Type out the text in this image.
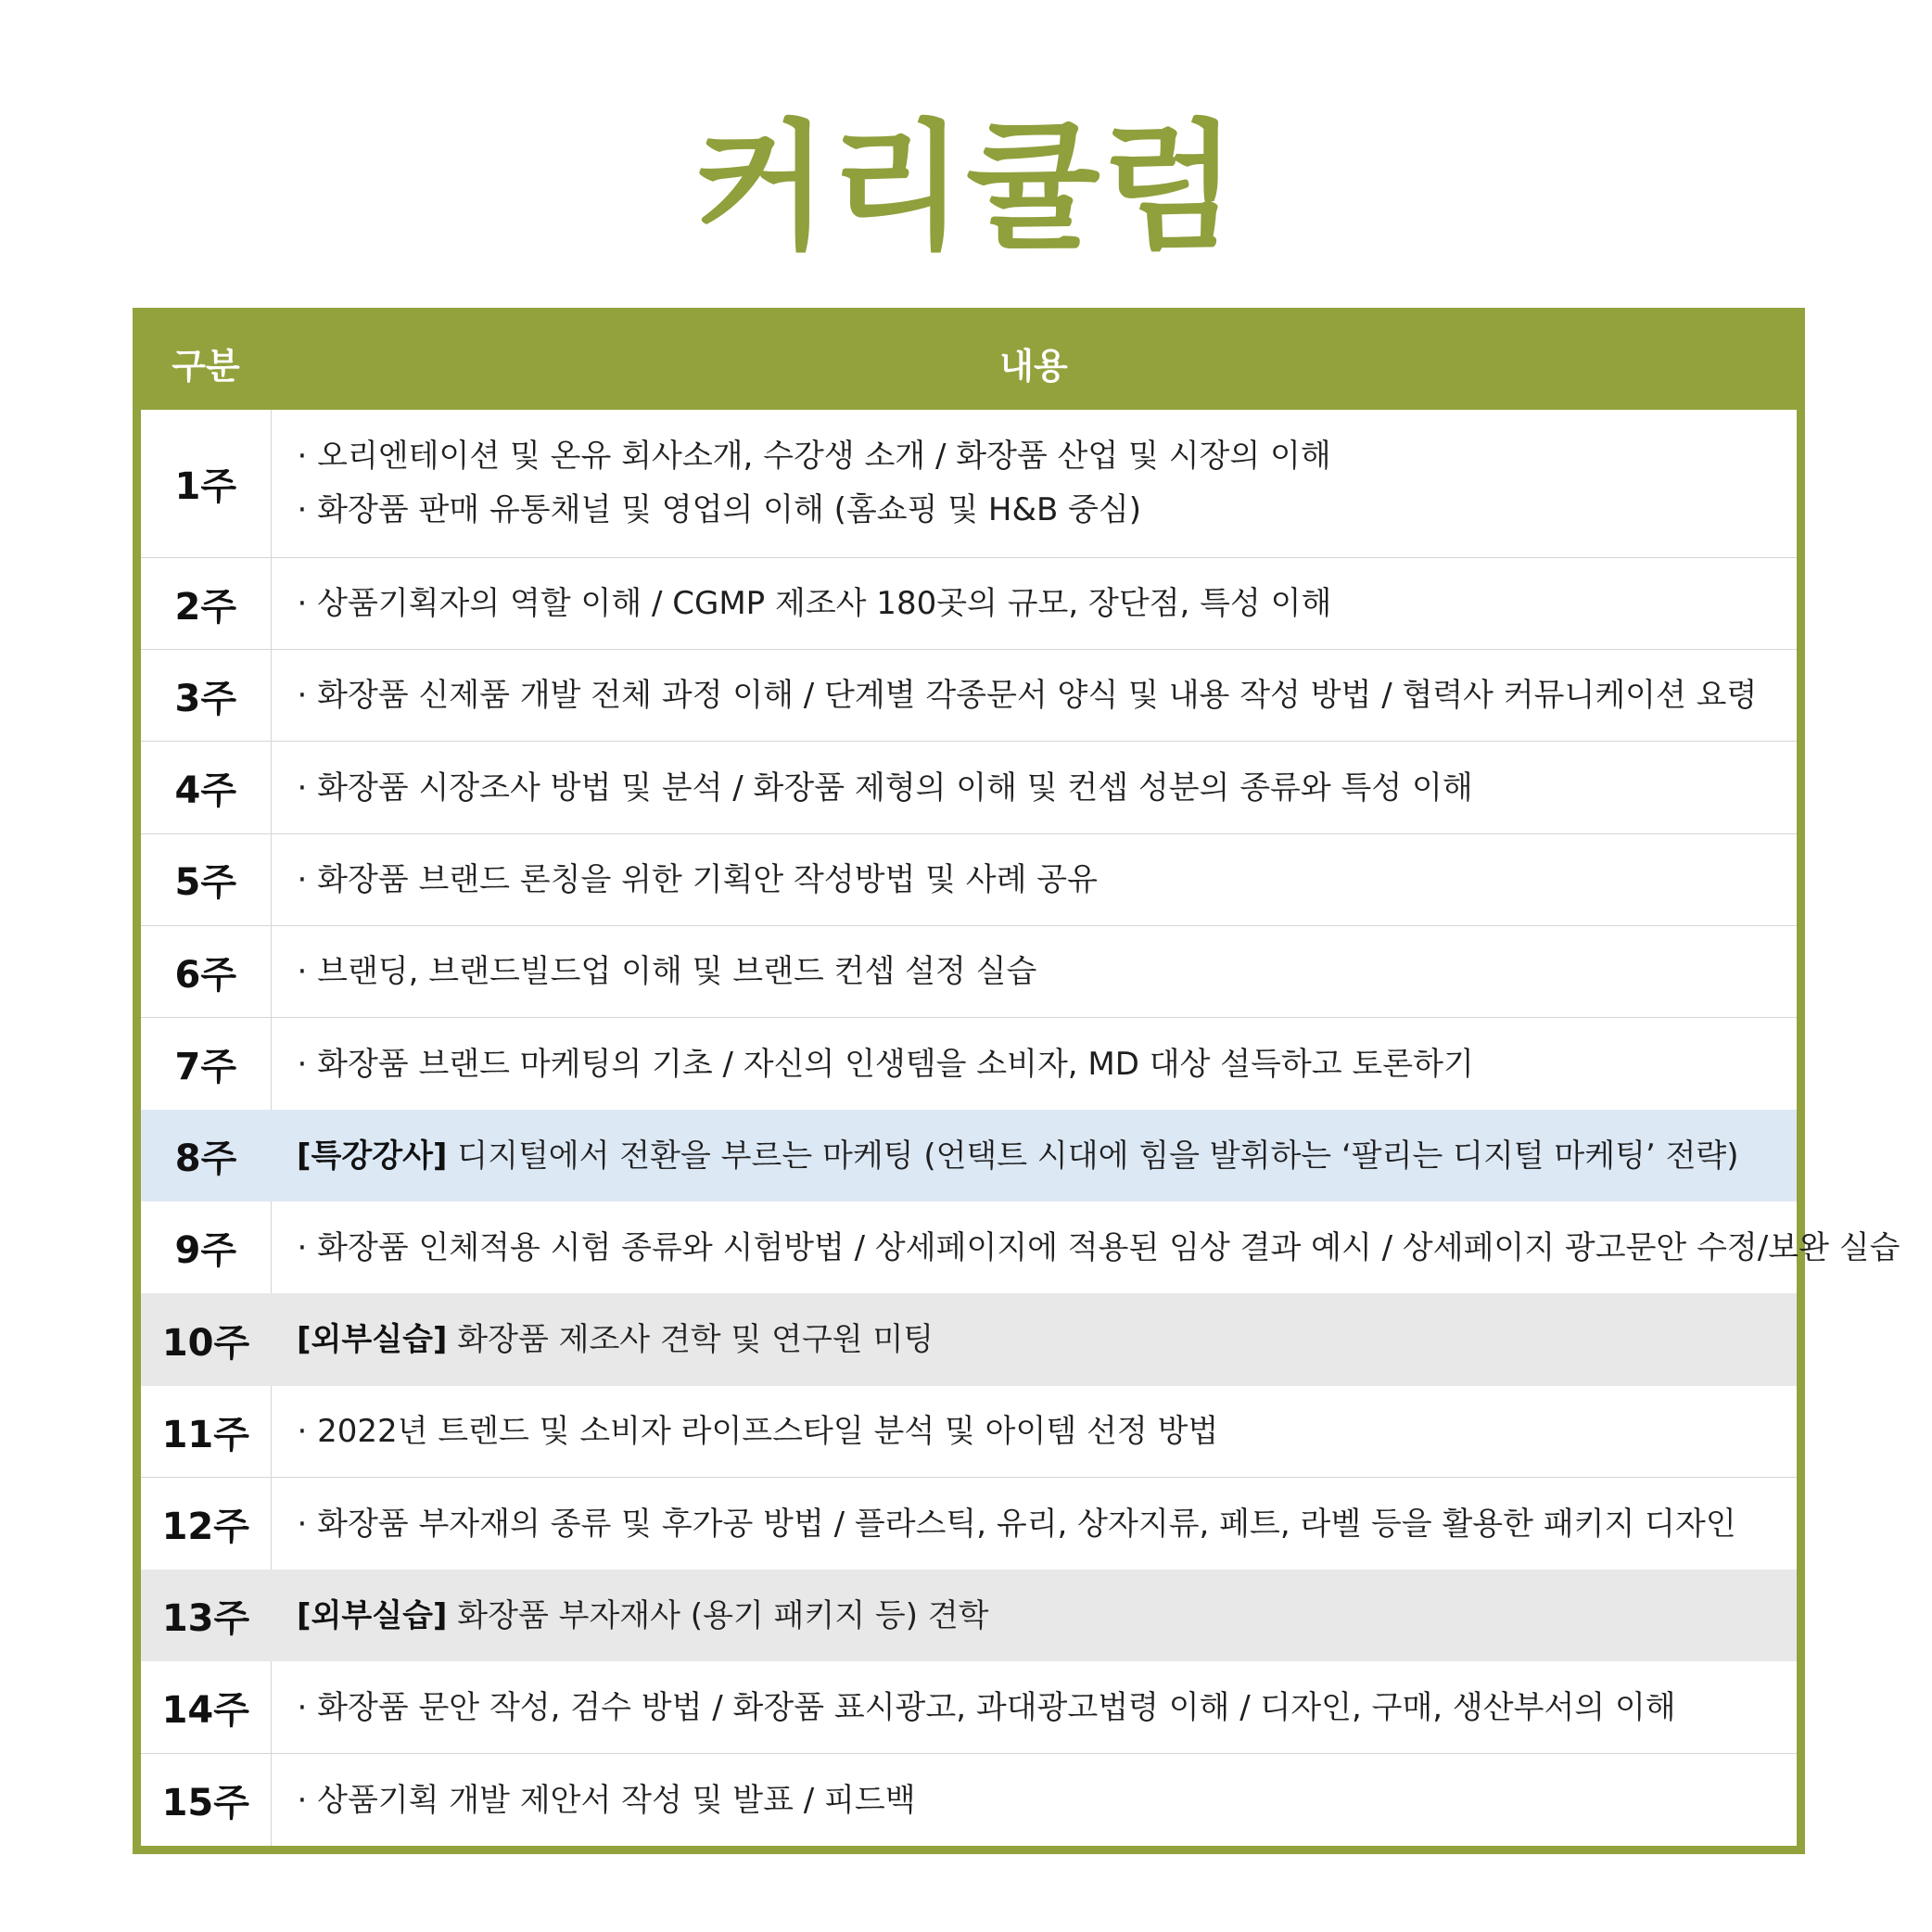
커리큘럼
구분	내용
1주	· 오리엔테이션 및 온유 회사소개, 수강생 소개 / 화장품 산업 및 시장의 이해
· 화장품 판매 유통채널 및 영업의 이해 (홈쇼핑 및 H&B 중심)

2주	· 상품기획자의 역할 이해 / CGMP 제조사 180곳의 규모, 장단점, 특성 이해
3주	· 화장품 신제품 개발 전체 과정 이해 / 단계별 각종문서 양식 및 내용 작성 방법 / 협력사 커뮤니케이션 요령
4주	· 화장품 시장조사 방법 및 분석 / 화장품 제형의 이해 및 컨셉 성분의 종류와 특성 이해
5주	· 화장품 브랜드 론칭을 위한 기획안 작성방법 및 사례 공유
6주	· 브랜딩, 브랜드빌드업 이해 및 브랜드 컨셉 설정 실습
7주	· 화장품 브랜드 마케팅의 기초 / 자신의 인생템을 소비자, MD 대상 설득하고 토론하기
8주	[특강강사] 디지털에서 전환을 부르는 마케팅 (언택트 시대에 힘을 발휘하는 ‘팔리는 디지털 마케팅’ 전략)
9주	· 화장품 인체적용 시험 종류와 시험방법 / 상세페이지에 적용된 임상 결과 예시 / 상세페이지 광고문안 수정/보완 실습
10주	[외부실습] 화장품 제조사 견학 및 연구원 미팅
11주	· 2022년 트렌드 및 소비자 라이프스타일 분석 및 아이템 선정 방법
12주	· 화장품 부자재의 종류 및 후가공 방법 / 플라스틱, 유리, 상자지류, 페트, 라벨 등을 활용한 패키지 디자인
13주	[외부실습] 화장품 부자재사 (용기 패키지 등) 견학
14주	· 화장품 문안 작성, 검수 방법 / 화장품 표시광고, 과대광고법령 이해 / 디자인, 구매, 생산부서의 이해
15주	· 상품기획 개발 제안서 작성 및 발표 / 피드백
